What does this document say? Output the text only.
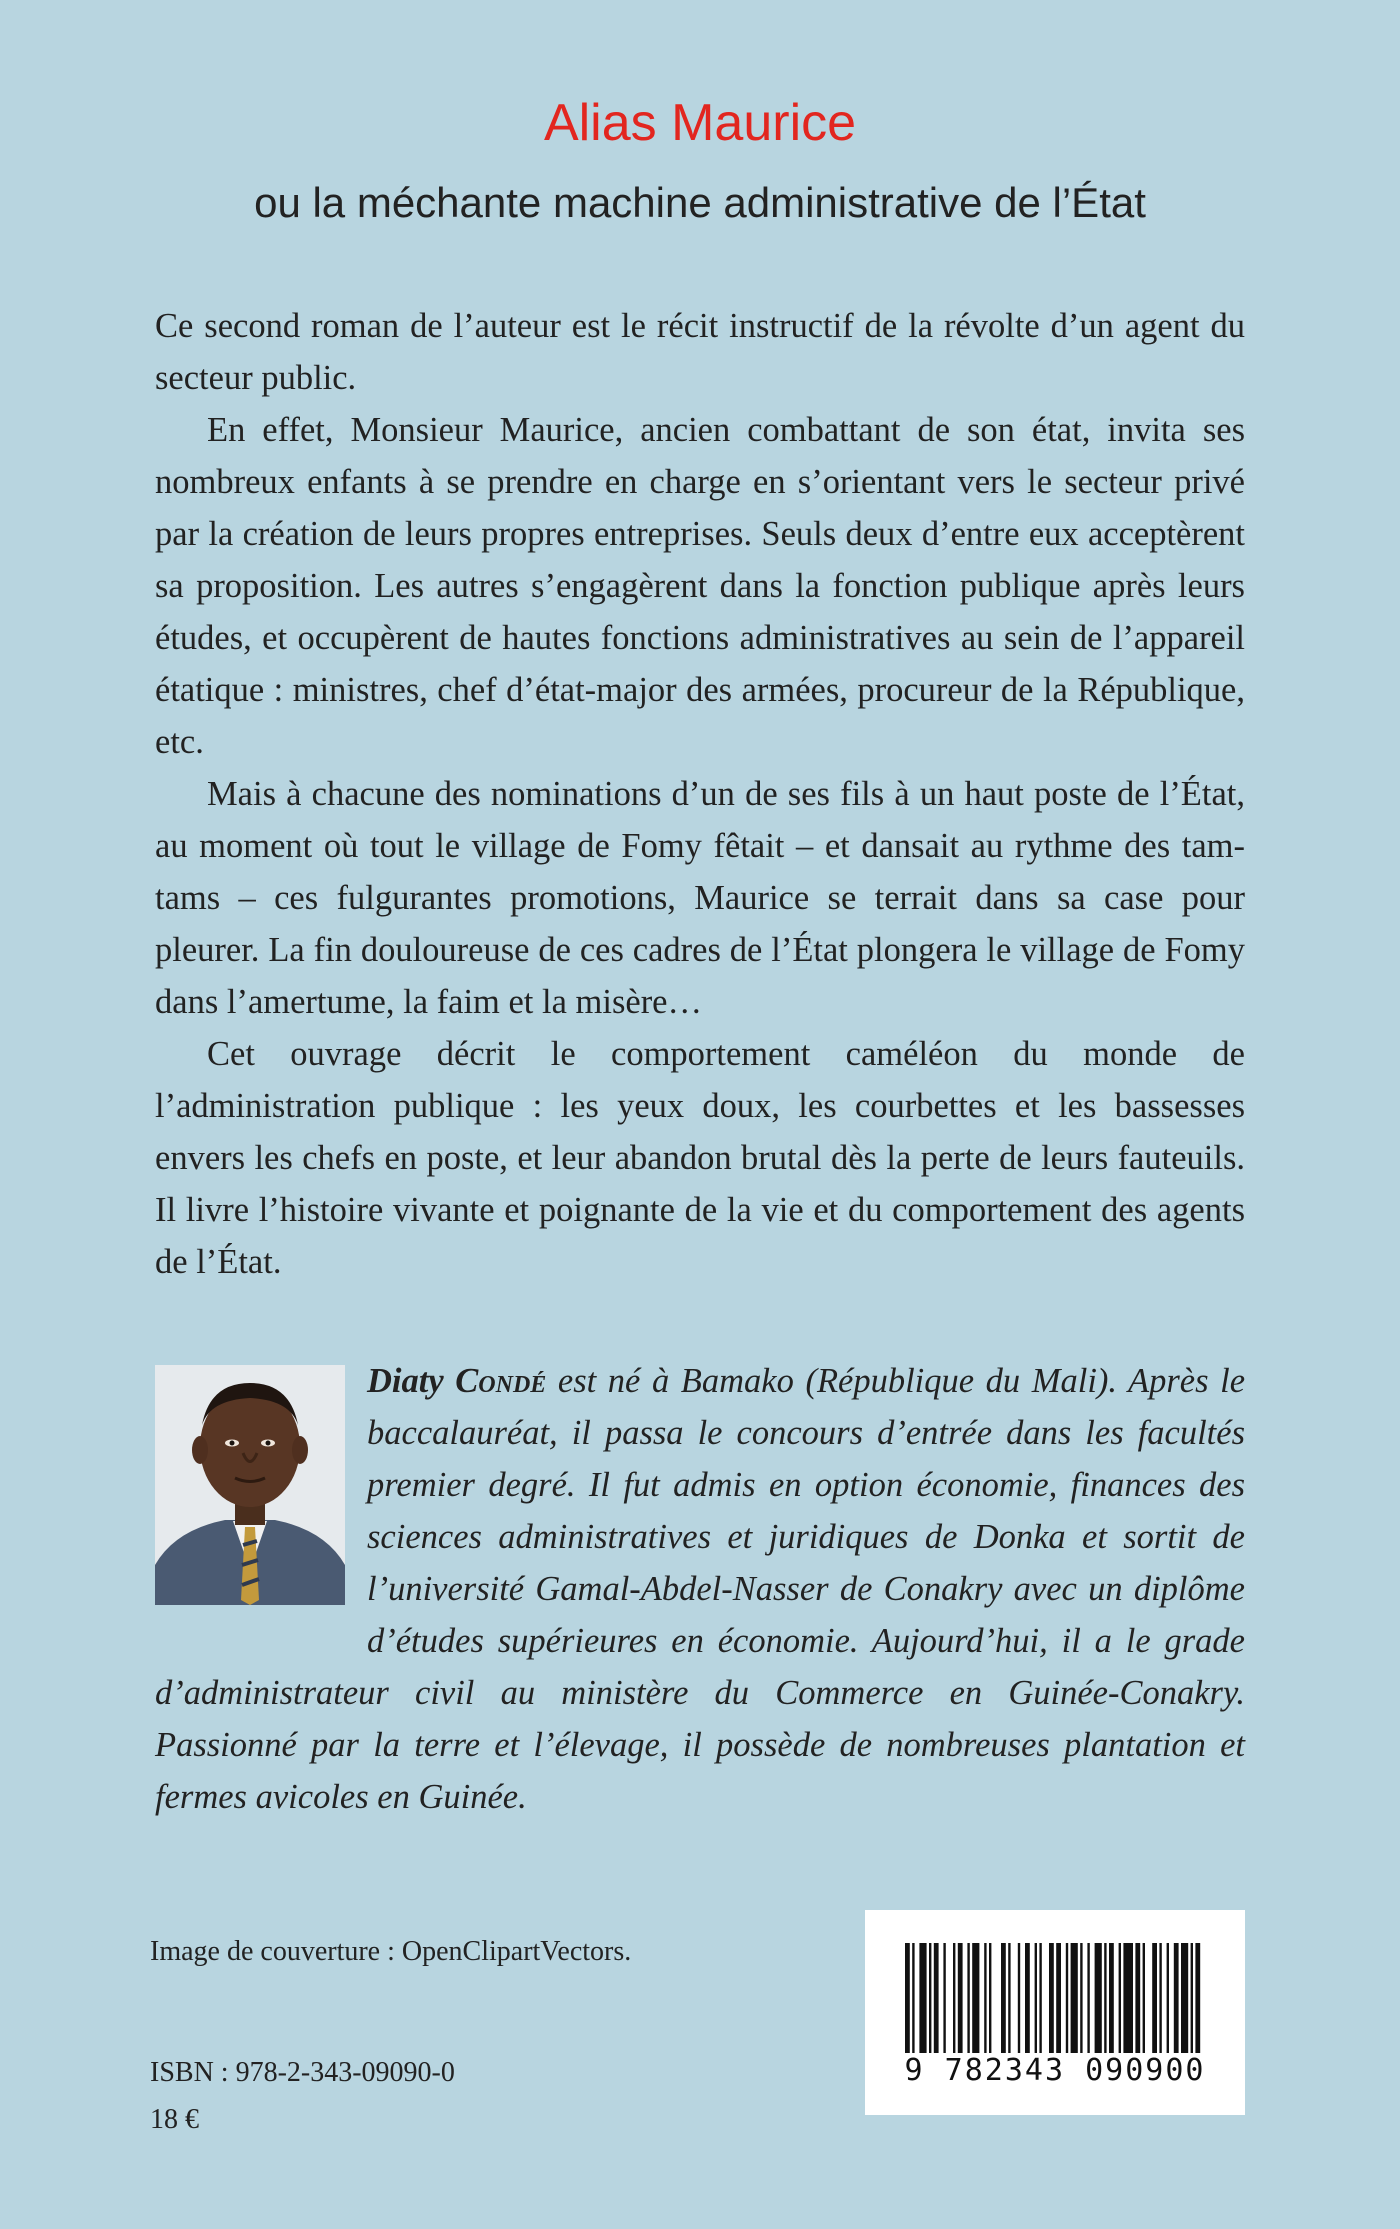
Alias Maurice
ou la méchante machine administrative de l’État

Ce second roman de l’auteur est le récit instructif de la révolte d’un agent du secteur public.

En effet, Monsieur Maurice, ancien combattant de son état, invita ses nombreux enfants à se prendre en charge en s’orientant vers le secteur privé par la création de leurs propres entreprises. Seuls deux d’entre eux acceptèrent sa proposition. Les autres s’engagèrent dans la fonction publique après leurs études, et occupèrent de hautes fonctions administratives au sein de l’appareil étatique : ministres, chef d’état-major des armées, procureur de la République, etc.

Mais à chacune des nominations d’un de ses fils à un haut poste de l’État, au moment où tout le village de Fomy fêtait – et dansait au rythme des tam-tams – ces fulgurantes promotions, Maurice se terrait dans sa case pour pleurer. La fin douloureuse de ces cadres de l’État plongera le village de Fomy dans l’amertume, la faim et la misère…

Cet ouvrage décrit le comportement caméléon du monde de l’administration publique : les yeux doux, les courbettes et les bassesses envers les chefs en poste, et leur abandon brutal dès la perte de leurs fauteuils. Il livre l’histoire vivante et poignante de la vie et du comportement des agents de l’État.

Diaty Condé est né à Bamako (République du Mali). Après le baccalauréat, il passa le concours d’entrée dans les facultés premier degré. Il fut admis en option économie, finances des sciences administratives et juridiques de Donka et sortit de l’université Gamal-Abdel-Nasser de Conakry avec un diplôme d’études supérieures en économie. Aujourd’hui, il a le grade d’administrateur civil au ministère du Commerce en Guinée-Conakry. Passionné par la terre et l’élevage, il possède de nombreuses plantation et fermes avicoles en Guinée.
Image de couverture : OpenClipartVectors.
ISBN : 978-2-343-09090-0
18 €
9 782343 090900
